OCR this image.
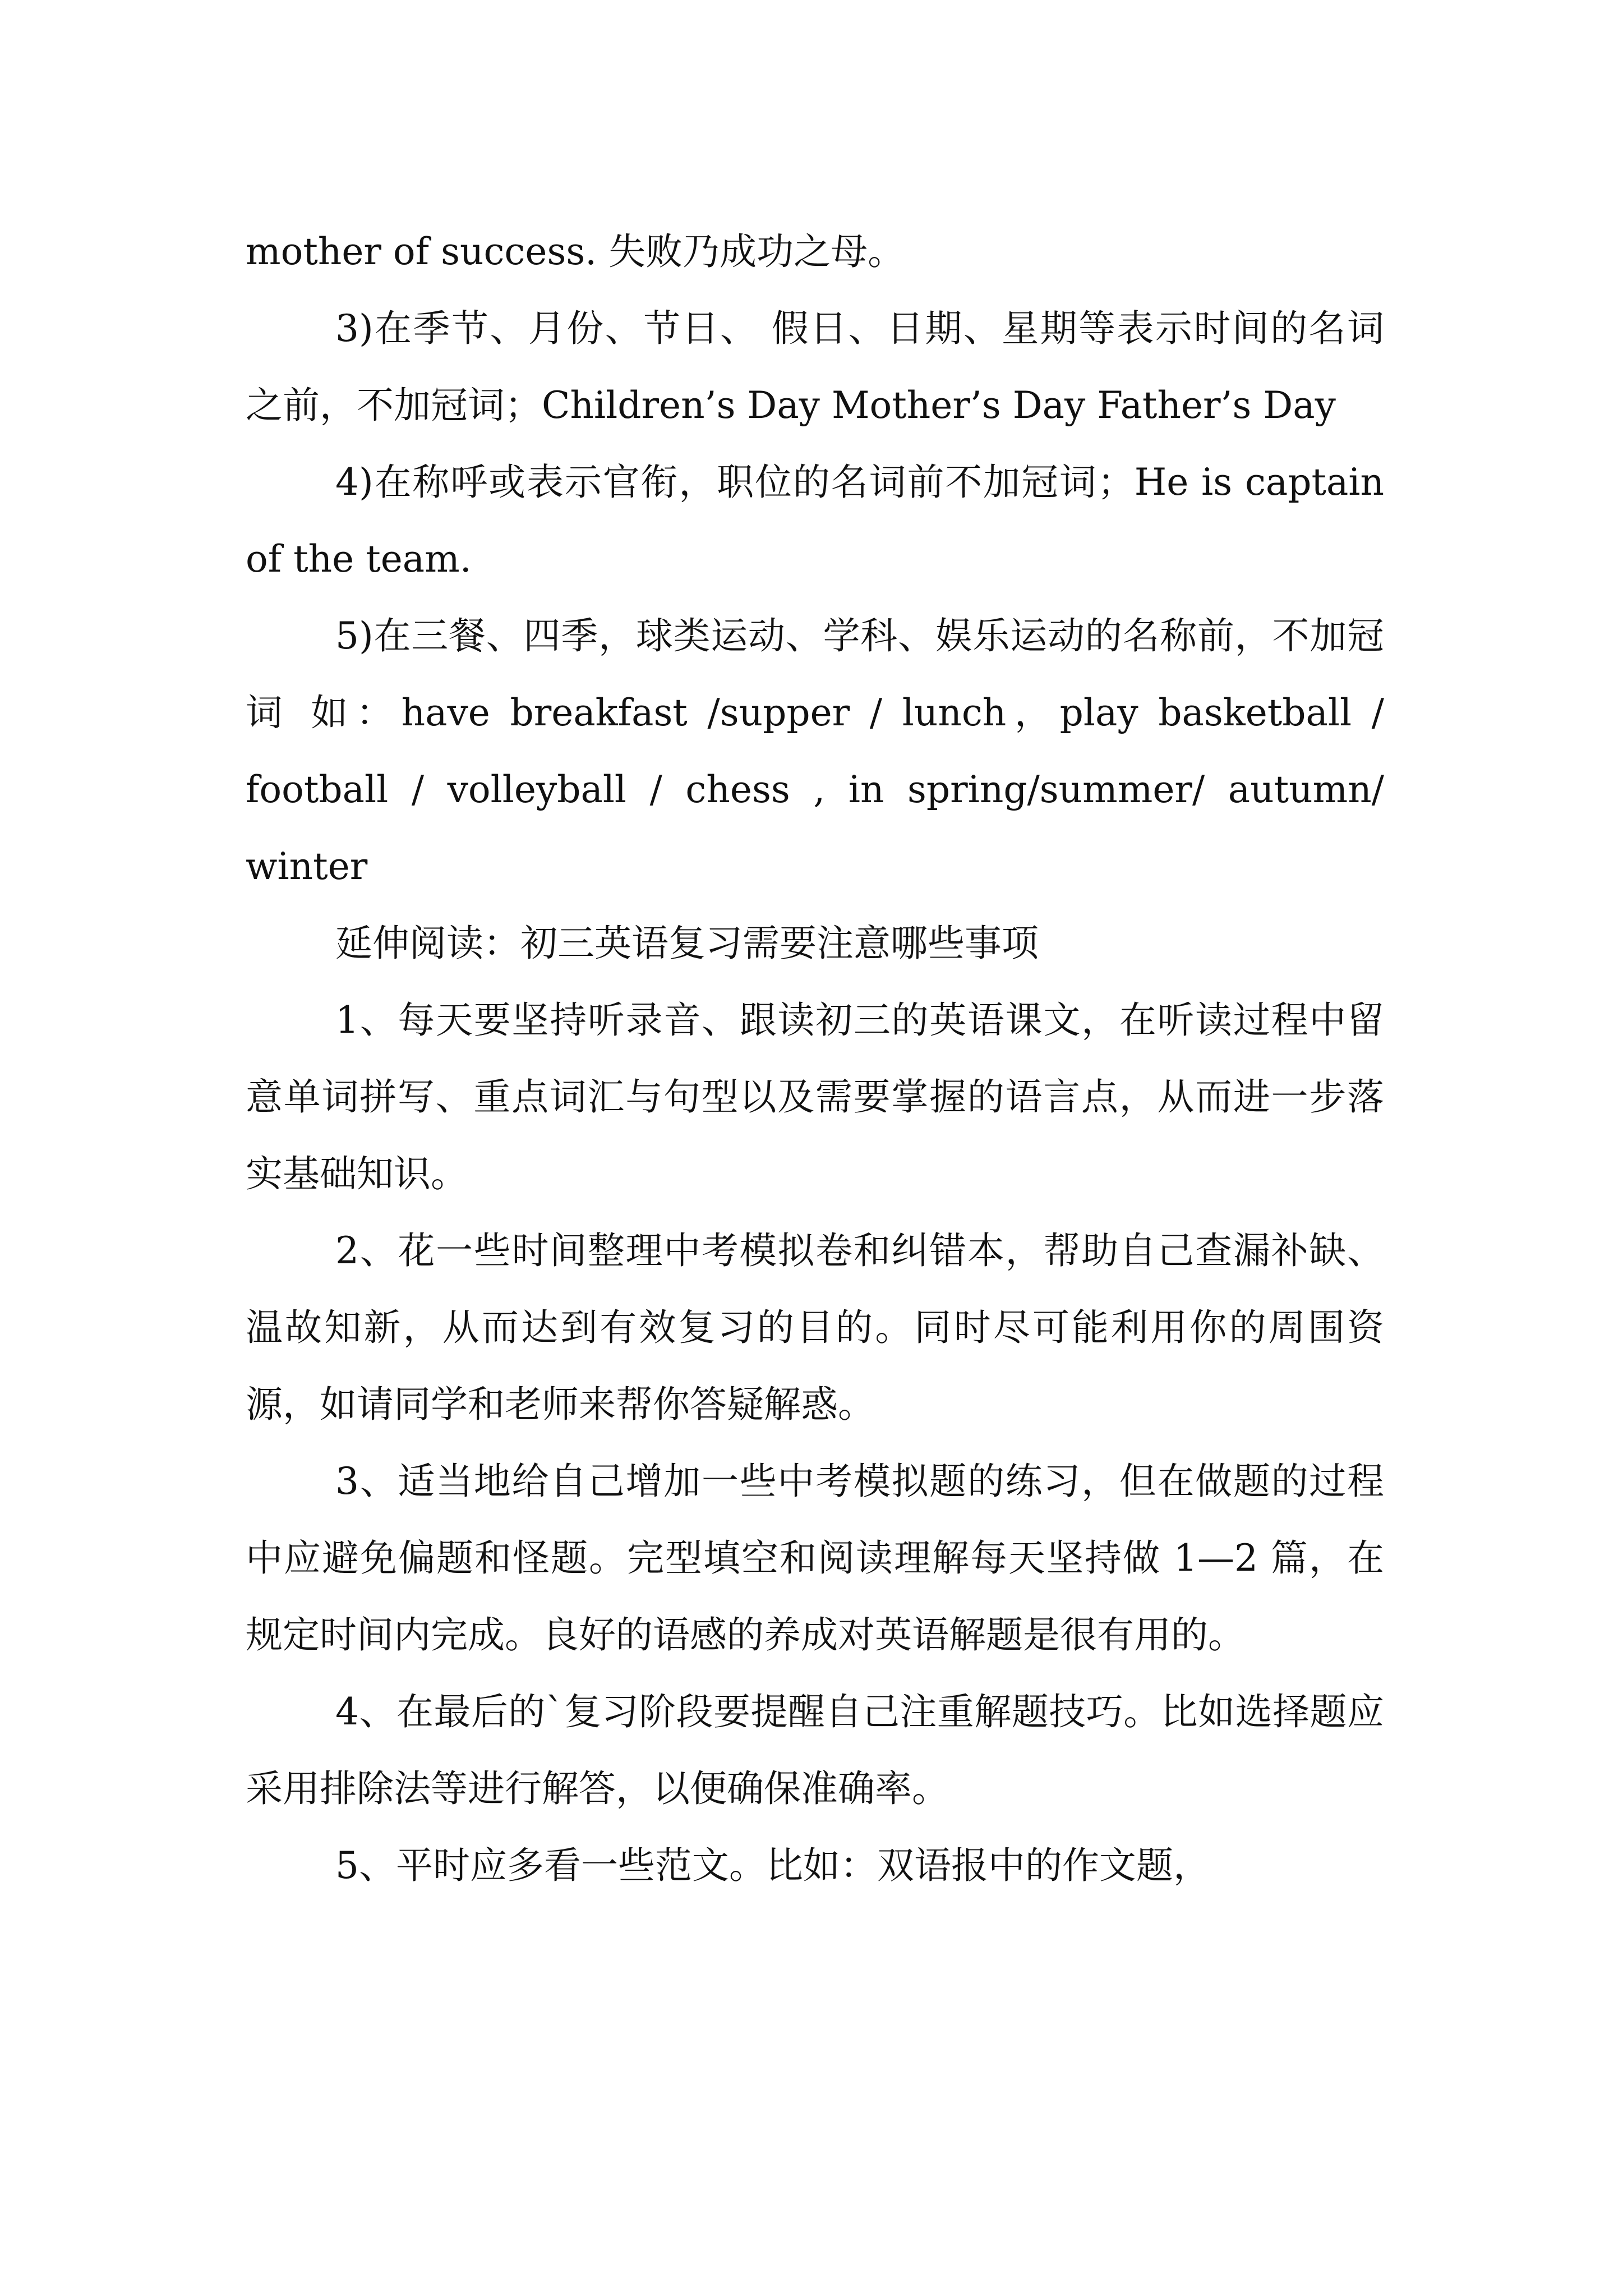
mother of success. 失败乃成功之母。

3)在季节、月份、节日、 假日、日期、星期等表示时间的名词之前，不加冠词；Children’s Day Mother’s Day Father’s Day

4)在称呼或表示官衔，职位的名词前不加冠词；He is captain of the team.

5)在三餐、四季，球类运动、学科、娱乐运动的名称前，不加冠词 如：have breakfast /supper / lunch，play basketball / football / volleyball / chess , in spring/summer/ autumn/ winter

延伸阅读：初三英语复习需要注意哪些事项

1、每天要坚持听录音、跟读初三的英语课文，在听读过程中留意单词拼写、重点词汇与句型以及需要掌握的语言点，从而进一步落实基础知识。

2、花一些时间整理中考模拟卷和纠错本，帮助自己查漏补缺、温故知新，从而达到有效复习的目的。同时尽可能利用你的周围资源，如请同学和老师来帮你答疑解惑。

3、适当地给自己增加一些中考模拟题的练习，但在做题的过程中应避免偏题和怪题。完型填空和阅读理解每天坚持做 1—2 篇，在规定时间内完成。良好的语感的养成对英语解题是很有用的。

4、在最后的`复习阶段要提醒自己注重解题技巧。比如选择题应采用排除法等进行解答，以便确保准确率。

5、平时应多看一些范文。比如：双语报中的作文题，
